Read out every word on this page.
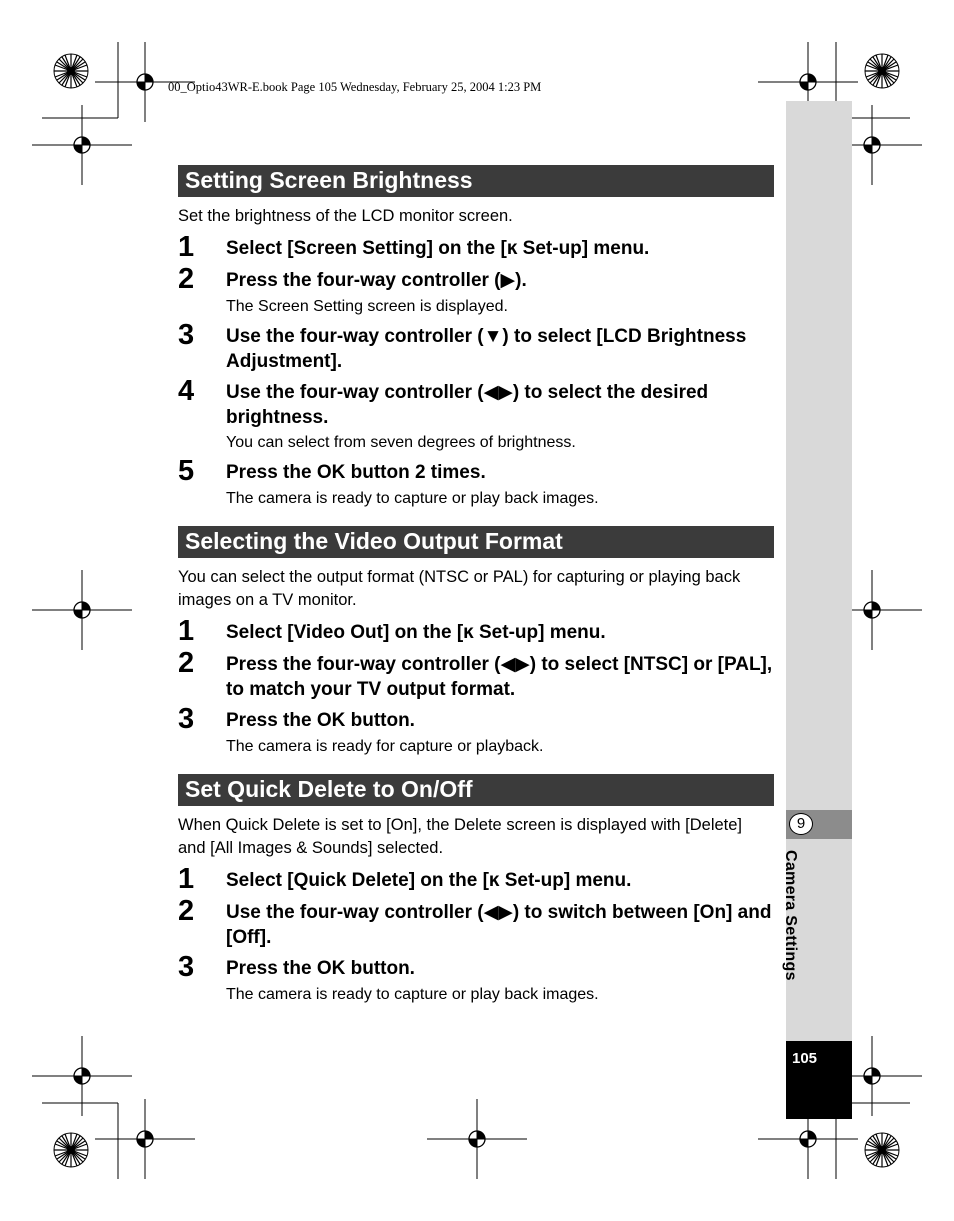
00_Optio43WR-E.book Page 105 Wednesday, February 25, 2004 1:23 PM
9
Camera Settings
105
Setting Screen Brightness

Set the brightness of the LCD monitor screen.

1	Select [Screen Setting] on the [ĸ Set-up] menu.
2	Press the four-way controller (▶).
The Screen Setting screen is displayed.
3	Use the four-way controller (▼) to select [LCD Brightness Adjustment].
4	Use the four-way controller (◀▶) to select the desired brightness.
You can select from seven degrees of brightness.
5	Press the OK button 2 times.
The camera is ready to capture or play back images.
Selecting the Video Output Format

You can select the output format (NTSC or PAL) for capturing or playing back images on a TV monitor.

1	Select [Video Out] on the [ĸ Set-up] menu.
2	Press the four-way controller (◀▶) to select [NTSC] or [PAL], to match your TV output format.
3	Press the OK button.
The camera is ready for capture or playback.
Set Quick Delete to On/Off

When Quick Delete is set to [On], the Delete screen is displayed with [Delete] and [All Images & Sounds] selected.

1	Select [Quick Delete] on the [ĸ Set-up] menu.
2	Use the four-way controller (◀▶) to switch between [On] and [Off].
3	Press the OK button.
The camera is ready to capture or play back images.
